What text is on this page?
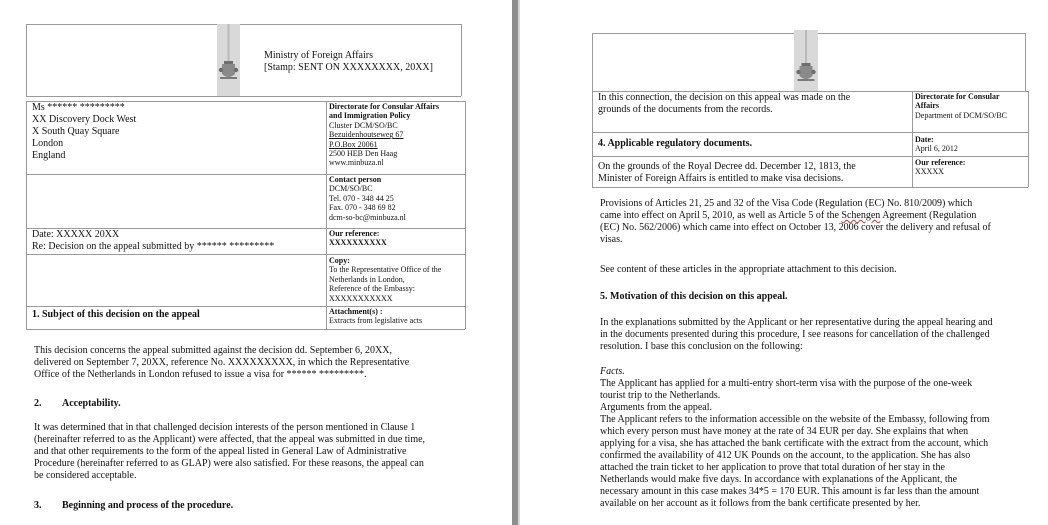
Ministry of Foreign Affairs
[Stamp: SENT ON XXXXXXXX, 20XX]
Ms ****** *********
XX Discovery Dock West
X South Quay Square
London
England
Directorate for Consular Affairs
and Immigration Policy
Cluster DCM/SO/BC
Bezuidenhoutseweg 67
P.O.Box 20061
2500 HEB Den Haag
www.minbuza.nl
Contact person
DCM/SO/BC
Tel. 070 - 348 44 25
Fax. 070 - 348 69 82
dcm-so-bc@minbuza.nl
Date: XXXXX 20XX
Re: Decision on the appeal submitted by ****** *********
Our reference:
XXXXXXXXXX
Copy:
To the Representative Office of the
Netherlands in London,
Reference of the Embassy:
XXXXXXXXXXX
1. Subject of this decision on the appeal	Attachment(s) :
Extracts from legislative acts
This decision concerns the appeal submitted against the decision dd. September 6, 20XX,
delivered on September 7, 20XX, reference No. XXXXXXXXX, in which the Representative
Office of the Netherlands in London refused to issue a visa for ****** *********.
2. Acceptability.
It was determined that in that challenged decision interests of the person mentioned in Clause 1
(hereinafter referred to as the Applicant) were affected, that the appeal was submitted in due time,
and that other requirements to the form of the appeal listed in General Law of Administrative
Procedure (hereinafter referred to as GLAP) were also satisfied. For these reasons, the appeal can
be considered acceptable.
3. Beginning and process of the procedure.
In this connection, the decision on this appeal was made on the
grounds of the documents from the records.
Directorate for Consular
Affairs
Department of DCM/SO/BC
4. Applicable regulatory documents.	Date:
April 6, 2012
On the grounds of the Royal Decree dd. December 12, 1813, the
Minister of Foreign Affairs is entitled to make visa decisions.
Our reference:
XXXXX
Provisions of Articles 21, 25 and 32 of the Visa Code (Regulation (EC) No. 810/2009) which
came into effect on April 5, 2010, as well as Article 5 of the Schengen Agreement (Regulation
(EC) No. 562/2006) which came into effect on October 13, 2006 cover the delivery and refusal of
visas.
See content of these articles in the appropriate attachment to this decision.
5. Motivation of this decision on this appeal.
In the explanations submitted by the Applicant or her representative during the appeal hearing and
in the documents presented during this procedure, I see reasons for cancellation of the challenged
resolution. I base this conclusion on the following:
Facts.
The Applicant has applied for a multi-entry short-term visa with the purpose of the one-week
tourist trip to the Netherlands.
Arguments from the appeal.
The Applicant refers to the information accessible on the website of the Embassy, following from
which every person must have money at the rate of 34 EUR per day. She explains that when
applying for a visa, she has attached the bank certificate with the extract from the account, which
confirmed the availability of 412 UK Pounds on the account, to the application. She has also
attached the train ticket to her application to prove that total duration of her stay in the
Netherlands would make five days. In accordance with explanations of the Applicant, the
necessary amount in this case makes 34*5 = 170 EUR. This amount is far less than the amount
available on her account as it follows from the bank certificate presented by her.
